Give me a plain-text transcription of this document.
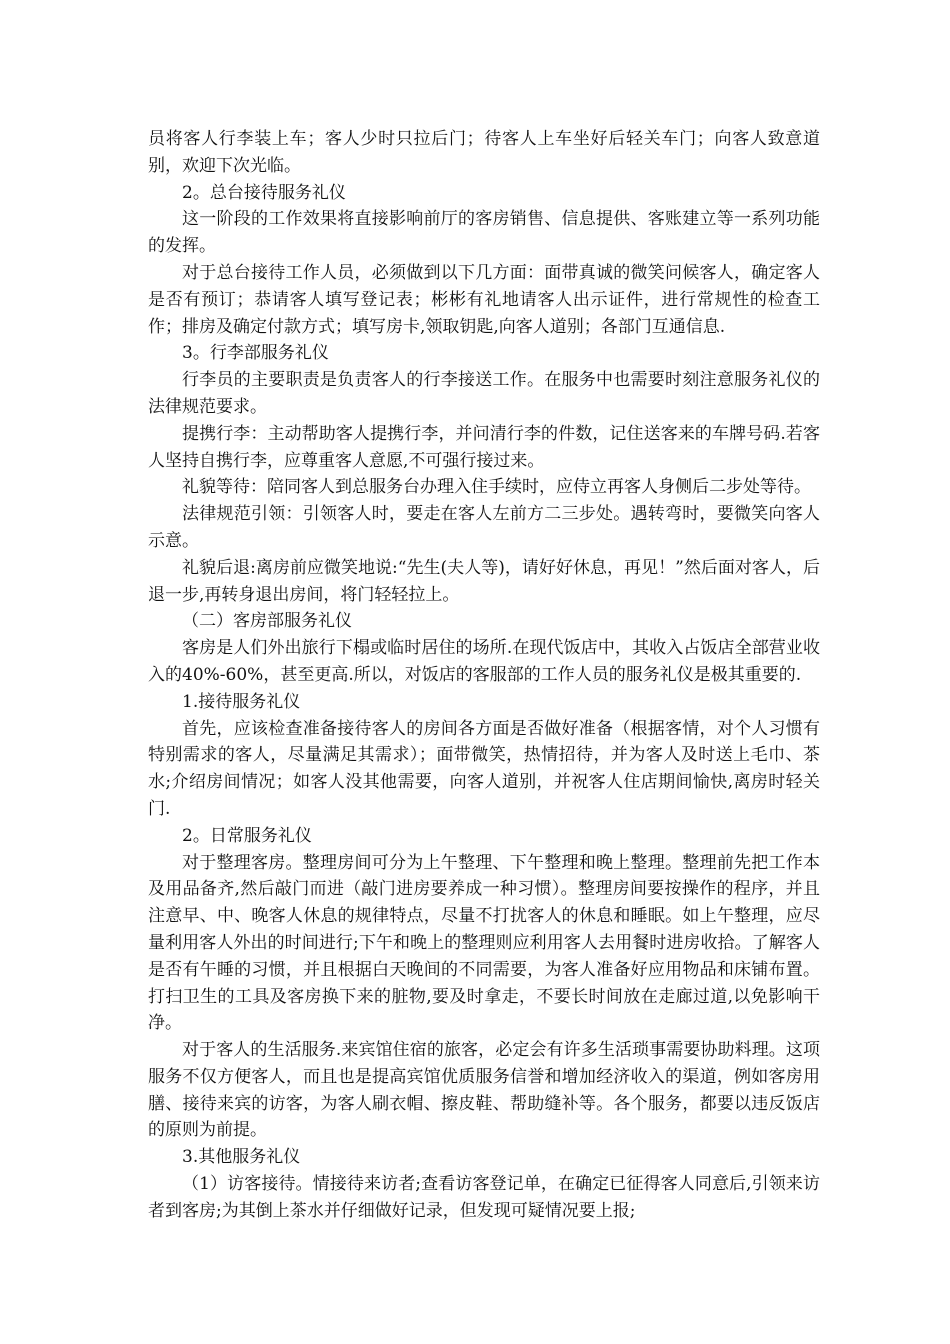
员将客人行李装上车；客人少时只拉后门；待客人上车坐好后轻关车门；向客人致意道别，欢迎下次光临。

2。总台接待服务礼仪

这一阶段的工作效果将直接影响前厅的客房销售、信息提供、客账建立等一系列功能的发挥。

对于总台接待工作人员，必须做到以下几方面：面带真诚的微笑问候客人，确定客人是否有预订；恭请客人填写登记表；彬彬有礼地请客人出示证件，进行常规性的检查工作；排房及确定付款方式；填写房卡,领取钥匙,向客人道别；各部门互通信息.

3。行李部服务礼仪

行李员的主要职责是负责客人的行李接送工作。在服务中也需要时刻注意服务礼仪的法律规范要求。

提携行李：主动帮助客人提携行李，并问清行李的件数，记住送客来的车牌号码.若客人坚持自携行李，应尊重客人意愿,不可强行接过来。

礼貌等待：陪同客人到总服务台办理入住手续时，应侍立再客人身侧后二步处等待。

法律规范引领：引领客人时，要走在客人左前方二三步处。遇转弯时，要微笑向客人示意。

礼貌后退:离房前应微笑地说:“先生(夫人等)，请好好休息，再见！”然后面对客人，后退一步,再转身退出房间，将门轻轻拉上。

（二）客房部服务礼仪

客房是人们外出旅行下榻或临时居住的场所.在现代饭店中，其收入占饭店全部营业收入的40%-60%，甚至更高.所以，对饭店的客服部的工作人员的服务礼仪是极其重要的.

1.接待服务礼仪

首先，应该检查准备接待客人的房间各方面是否做好准备（根据客情，对个人习惯有特别需求的客人，尽量满足其需求）；面带微笑，热情招待，并为客人及时送上毛巾、茶水;介绍房间情况；如客人没其他需要，向客人道别，并祝客人住店期间愉快,离房时轻关门.

2。日常服务礼仪

对于整理客房。整理房间可分为上午整理、下午整理和晚上整理。整理前先把工作本及用品备齐,然后敲门而进（敲门进房要养成一种习惯）。整理房间要按操作的程序，并且注意早、中、晚客人休息的规律特点，尽量不打扰客人的休息和睡眠。如上午整理，应尽量利用客人外出的时间进行;下午和晚上的整理则应利用客人去用餐时进房收拾。了解客人是否有午睡的习惯，并且根据白天晚间的不同需要，为客人准备好应用物品和床铺布置。打扫卫生的工具及客房换下来的脏物,要及时拿走，不要长时间放在走廊过道,以免影响干净。

对于客人的生活服务.来宾馆住宿的旅客，必定会有许多生活琐事需要协助料理。这项服务不仅方便客人，而且也是提高宾馆优质服务信誉和增加经济收入的渠道，例如客房用膳、接待来宾的访客，为客人刷衣帽、擦皮鞋、帮助缝补等。各个服务，都要以违反饭店的原则为前提。

3.其他服务礼仪

（1）访客接待。情接待来访者;查看访客登记单，在确定已征得客人同意后,引领来访者到客房;为其倒上茶水并仔细做好记录，但发现可疑情况要上报;
